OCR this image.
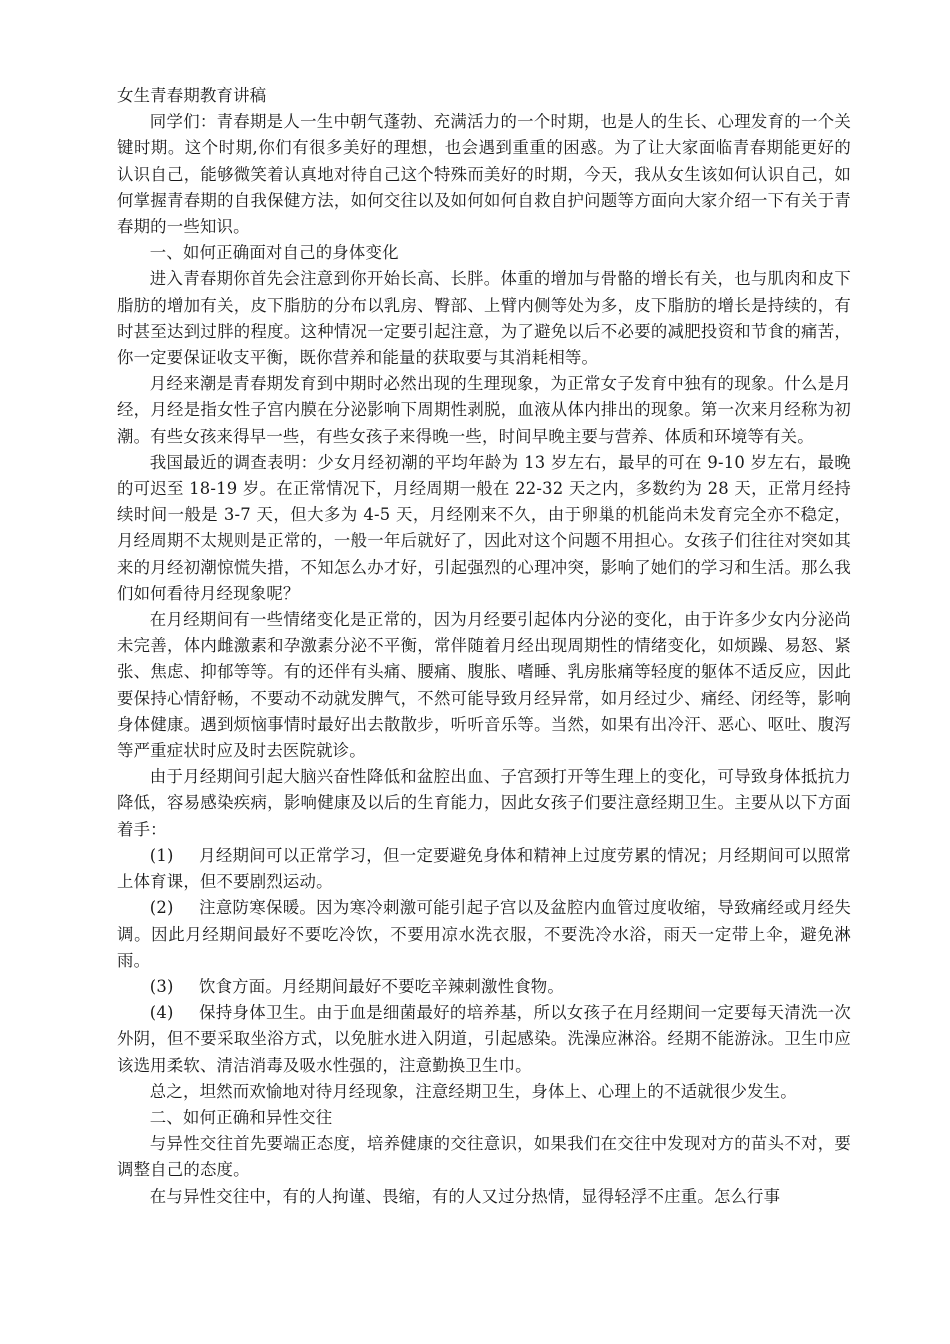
女生青春期教育讲稿

同学们：青春期是人一生中朝气蓬勃、充满活力的一个时期，也是人的生长、心理发育的一个关键时期。这个时期,你们有很多美好的理想，也会遇到重重的困惑。为了让大家面临青春期能更好的认识自己，能够微笑着认真地对待自己这个特殊而美好的时期，今天，我从女生该如何认识自己，如何掌握青春期的自我保健方法，如何交往以及如何如何自救自护问题等方面向大家介绍一下有关于青春期的一些知识。

一、如何正确面对自己的身体变化

进入青春期你首先会注意到你开始长高、长胖。体重的增加与骨骼的增长有关，也与肌肉和皮下脂肪的增加有关，皮下脂肪的分布以乳房、臀部、上臂内侧等处为多，皮下脂肪的增长是持续的，有时甚至达到过胖的程度。这种情况一定要引起注意，为了避免以后不必要的减肥投资和节食的痛苦，你一定要保证收支平衡，既你营养和能量的获取要与其消耗相等。

月经来潮是青春期发育到中期时必然出现的生理现象，为正常女子发育中独有的现象。什么是月经，月经是指女性子宫内膜在分泌影响下周期性剥脱，血液从体内排出的现象。第一次来月经称为初潮。有些女孩来得早一些，有些女孩子来得晚一些，时间早晚主要与营养、体质和环境等有关。

我国最近的调查表明：少女月经初潮的平均年龄为 13 岁左右，最早的可在 9-10 岁左右，最晚的可迟至 18-19 岁。在正常情况下，月经周期一般在 22-32 天之内，多数约为 28 天，正常月经持续时间一般是 3-7 天，但大多为 4-5 天，月经刚来不久，由于卵巢的机能尚未发育完全亦不稳定，月经周期不太规则是正常的，一般一年后就好了，因此对这个问题不用担心。女孩子们往往对突如其来的月经初潮惊慌失措，不知怎么办才好，引起强烈的心理冲突，影响了她们的学习和生活。那么我们如何看待月经现象呢？

在月经期间有一些情绪变化是正常的，因为月经要引起体内分泌的变化，由于许多少女内分泌尚未完善，体内雌激素和孕激素分泌不平衡，常伴随着月经出现周期性的情绪变化，如烦躁、易怒、紧张、焦虑、抑郁等等。有的还伴有头痛、腰痛、腹胀、嗜睡、乳房胀痛等轻度的躯体不适反应，因此要保持心情舒畅，不要动不动就发脾气，不然可能导致月经异常，如月经过少、痛经、闭经等，影响身体健康。遇到烦恼事情时最好出去散散步，听听音乐等。当然，如果有出冷汗、恶心、呕吐、腹泻等严重症状时应及时去医院就诊。

由于月经期间引起大脑兴奋性降低和盆腔出血、子宫颈打开等生理上的变化，可导致身体抵抗力降低，容易感染疾病，影响健康及以后的生育能力，因此女孩子们要注意经期卫生。主要从以下方面着手：

(1) 月经期间可以正常学习，但一定要避免身体和精神上过度劳累的情况；月经期间可以照常上体育课，但不要剧烈运动。
(2) 注意防寒保暖。因为寒冷刺激可能引起子宫以及盆腔内血管过度收缩，导致痛经或月经失调。因此月经期间最好不要吃冷饮，不要用凉水洗衣服，不要洗冷水浴，雨天一定带上伞，避免淋雨。
(3) 饮食方面。月经期间最好不要吃辛辣刺激性食物。
(4) 保持身体卫生。由于血是细菌最好的培养基，所以女孩子在月经期间一定要每天清洗一次外阴，但不要采取坐浴方式，以免脏水进入阴道，引起感染。洗澡应淋浴。经期不能游泳。卫生巾应该选用柔软、清洁消毒及吸水性强的，注意勤换卫生巾。

总之，坦然而欢愉地对待月经现象，注意经期卫生，身体上、心理上的不适就很少发生。

二、如何正确和异性交往

与异性交往首先要端正态度，培养健康的交往意识，如果我们在交往中发现对方的苗头不对，要调整自己的态度。

在与异性交往中，有的人拘谨、畏缩，有的人又过分热情，显得轻浮不庄重。怎么行事
